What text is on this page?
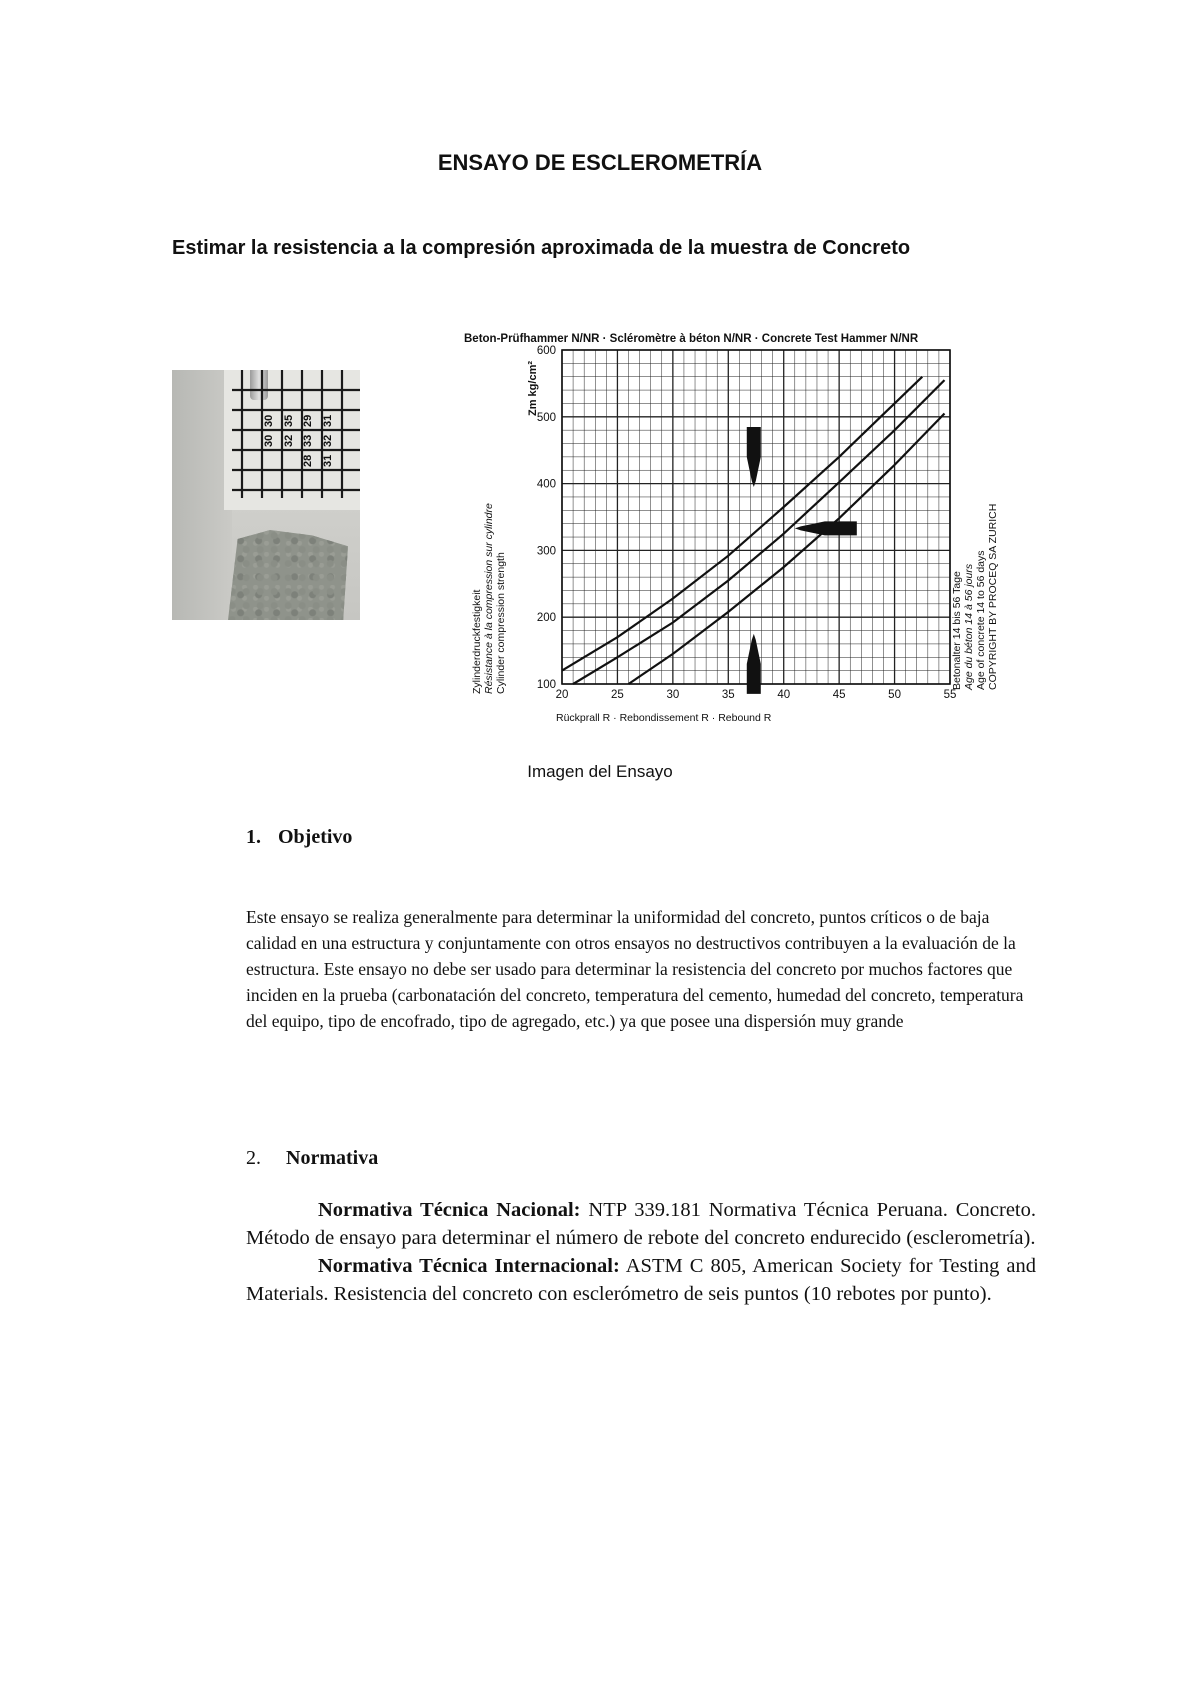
ENSAYO DE ESCLEROMETRÍA
Estimar la resistencia a la compresión aproximada de la muestra de Concreto
30 35 29
30 32 33
31
32
28 31
Beton-Prüfhammer N/NR · Scléromètre à béton N/NR · Concrete Test Hammer N/NR
Zm kg/cm²
Zylinderdruckfestigkeit Résistance à la compression sur cylindre Cylinder compression strength	Betonalter 14 bis 56 Tage Age du béton 14 à 56 jours Age of concrete 14 to 56 days COPYRIGHT BY PROCEQ SA ZURICH
Rückprall R · Rebondissement R · Rebound R
20	25	30	35	40	45	50	55
100
200
300
400
500
600
Imagen del Ensayo
1. Objetivo
Este ensayo se realiza generalmente para determinar la uniformidad del concreto, puntos críticos o de baja calidad en una estructura y conjuntamente con otros ensayos no destructivos contribuyen a la evaluación de la estructura. Este ensayo no debe ser usado para determinar la resistencia del concreto por muchos factores que inciden en la prueba (carbonatación del concreto, temperatura del cemento, humedad del concreto, temperatura del equipo, tipo de encofrado, tipo de agregado, etc.) ya que posee una dispersión muy grande
2. Normativa

Normativa Técnica Nacional: NTP 339.181 Normativa Técnica Peruana. Concreto. Método de ensayo para determinar el número de rebote del concreto endurecido (esclerometría).

Normativa Técnica Internacional: ASTM C 805, American Society for Testing and Materials. Resistencia del concreto con esclerómetro de seis puntos (10 rebotes por punto).
